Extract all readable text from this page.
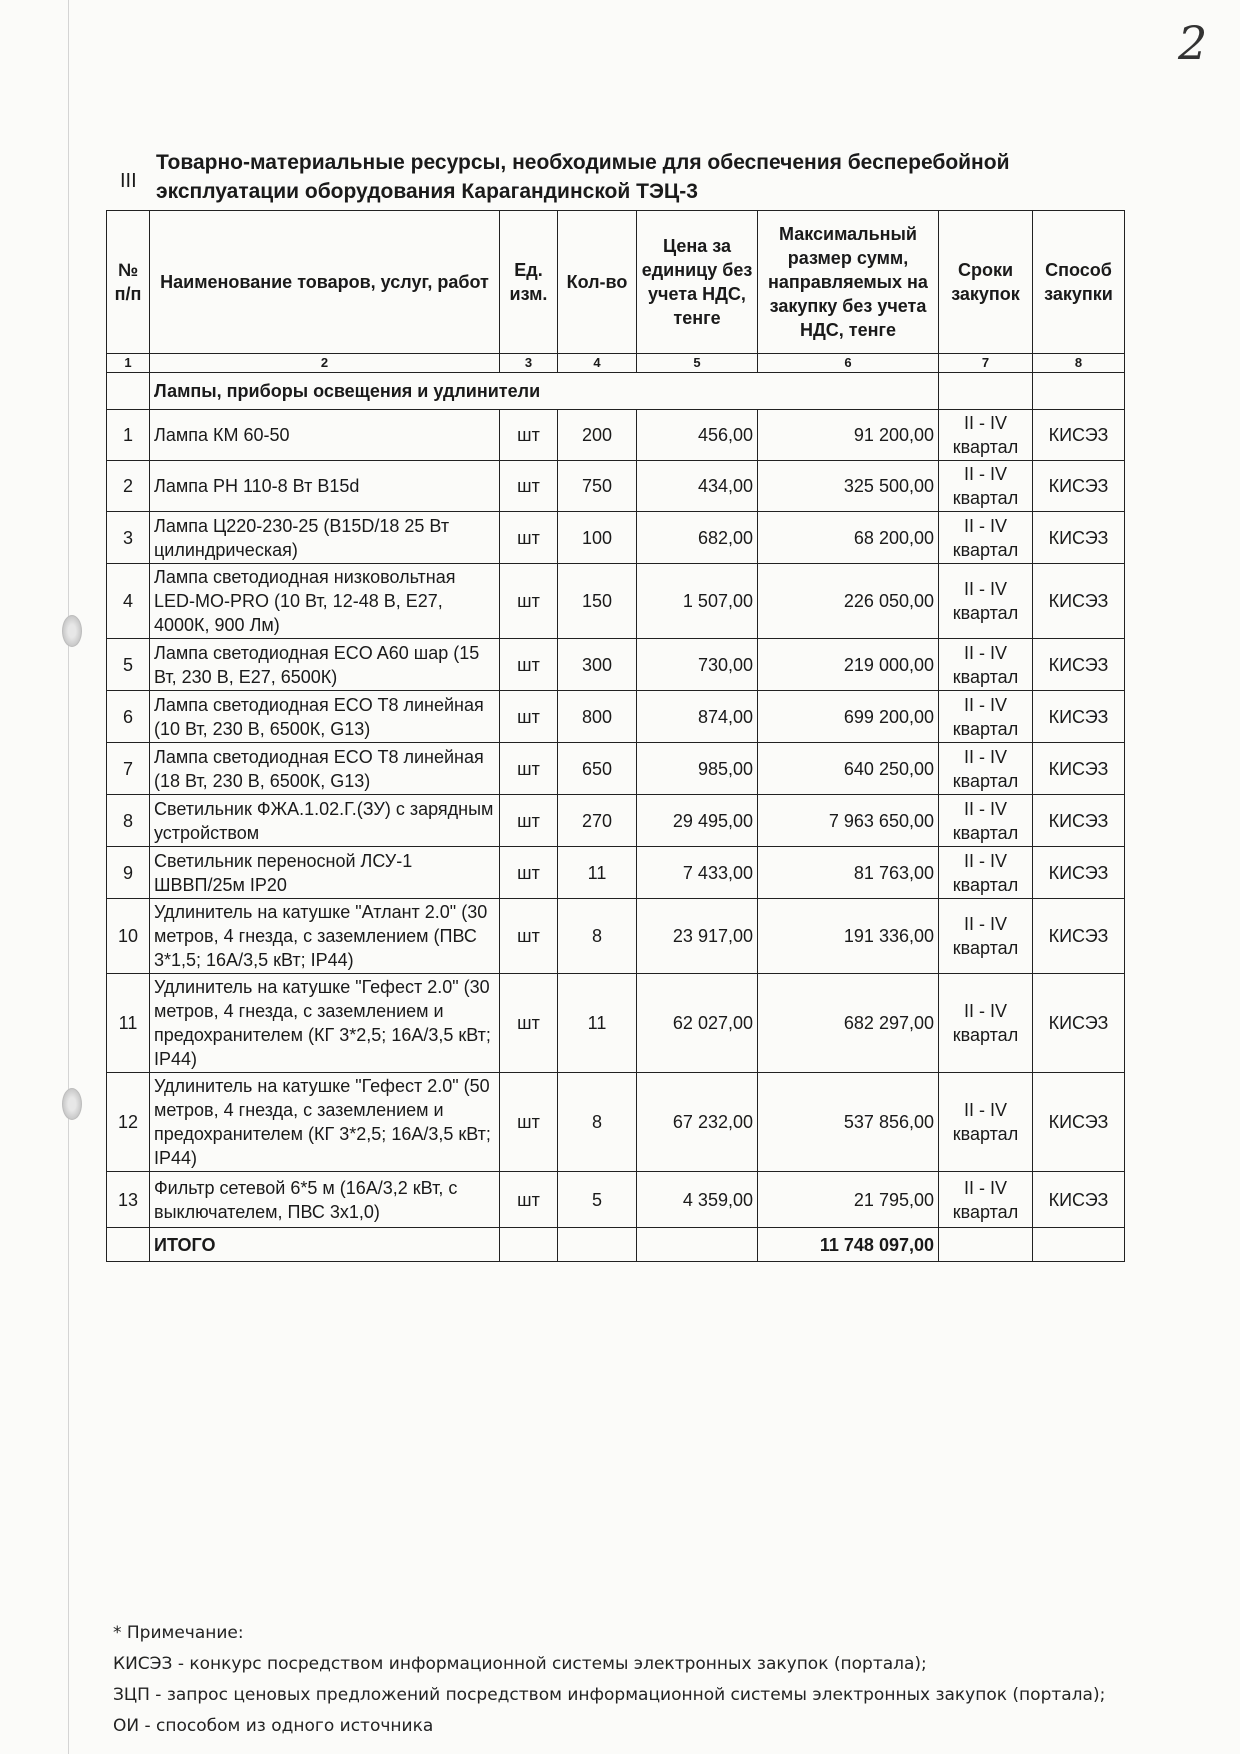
2
III
Товарно-материальные ресурсы, необходимые для обеспечения бесперебойной
эксплуатации оборудования Карагандинской ТЭЦ-3
№ п/п	Наименование товаров, услуг, работ	Ед. изм.	Кол-во	Цена за единицу без учета НДС, тенге	Максимальный размер сумм, направляемых на закупку без учета НДС, тенге	Сроки закупок	Способ закупки
1	2	3	4	5	6	7	8
	Лампы, приборы освещения и удлинители						
1	Лампа КМ 60-50	шт	200	456,00	91 200,00	II - IV квартал	КИСЭЗ
2	Лампа РН 110-8 Вт В15d	шт	750	434,00	325 500,00	II - IV квартал	КИСЭЗ
3	Лампа Ц220-230-25 (В15D/18 25 Вт цилиндрическая)	шт	100	682,00	68 200,00	II - IV квартал	КИСЭЗ
4	Лампа светодиодная низковольтная LED-MO-PRO (10 Вт, 12-48 В, Е27, 4000К, 900 Лм)	шт	150	1 507,00	226 050,00	II - IV квартал	КИСЭЗ
5	Лампа светодиодная ECO A60 шар (15 Вт, 230 В, Е27, 6500К)	шт	300	730,00	219 000,00	II - IV квартал	КИСЭЗ
6	Лампа светодиодная ECO T8 линейная (10 Вт, 230 В, 6500К, G13)	шт	800	874,00	699 200,00	II - IV квартал	КИСЭЗ
7	Лампа светодиодная ECO T8 линейная (18 Вт, 230 В, 6500К, G13)	шт	650	985,00	640 250,00	II - IV квартал	КИСЭЗ
8	Светильник ФЖА.1.02.Г.(ЗУ) с зарядным устройством	шт	270	29 495,00	7 963 650,00	II - IV квартал	КИСЭЗ
9	Светильник переносной ЛСУ-1 ШВВП/25м IP20	шт	11	7 433,00	81 763,00	II - IV квартал	КИСЭЗ
10	Удлинитель на катушке "Атлант 2.0" (30 метров, 4 гнезда, с заземлением (ПВС 3*1,5; 16А/3,5 кВт; IP44)	шт	8	23 917,00	191 336,00	II - IV квартал	КИСЭЗ
11	Удлинитель на катушке "Гефест 2.0" (30 метров, 4 гнезда, с заземлением и предохранителем (КГ 3*2,5; 16А/3,5 кВт; IP44)	шт	11	62 027,00	682 297,00	II - IV квартал	КИСЭЗ
12	Удлинитель на катушке "Гефест 2.0" (50 метров, 4 гнезда, с заземлением и предохранителем (КГ 3*2,5; 16А/3,5 кВт; IP44)	шт	8	67 232,00	537 856,00	II - IV квартал	КИСЭЗ
13	Фильтр сетевой 6*5 м (16А/3,2 кВт, с выключателем, ПВС 3х1,0)	шт	5	4 359,00	21 795,00	II - IV квартал	КИСЭЗ
	ИТОГО				11 748 097,00		
* Примечание:
КИСЭЗ - конкурс посредством информационной системы электронных закупок (портала);
ЗЦП - запрос ценовых предложений посредством информационной системы электронных закупок (портала);
ОИ - способом из одного источника
